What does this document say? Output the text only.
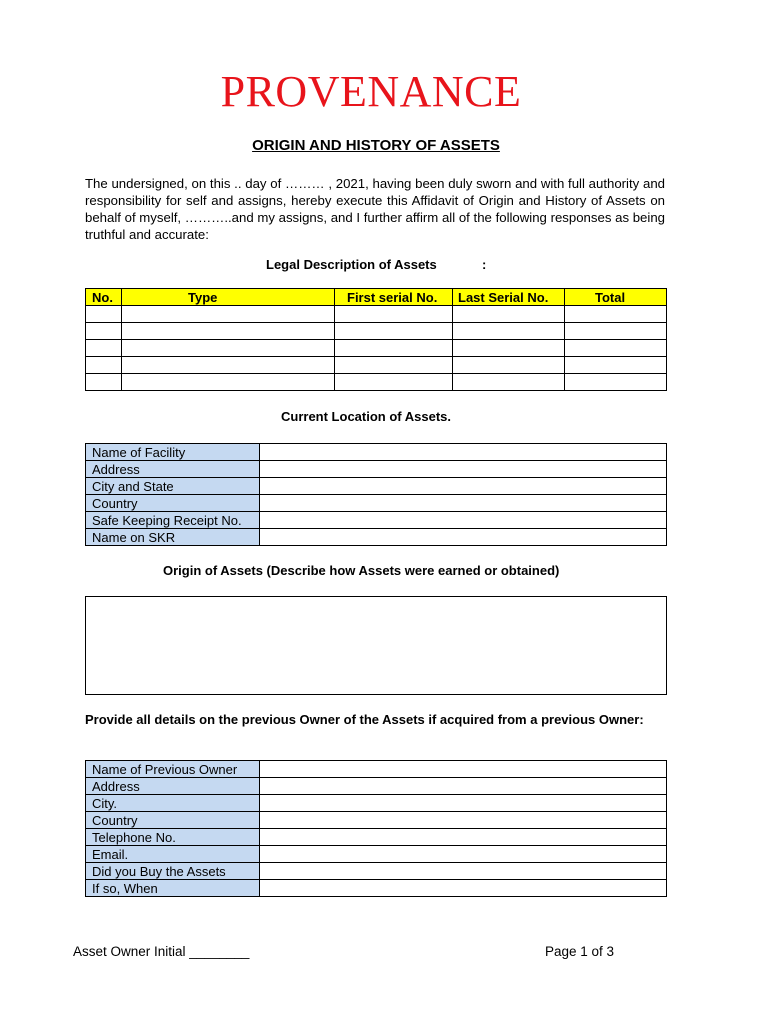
PROVENANCE
ORIGIN AND HISTORY OF ASSETS
The undersigned, on this .. day of ……… , 2021, having been duly sworn and with full authority and responsibility for self and assigns, hereby execute this Affidavit of Origin and History of Assets on behalf of myself, ………..and my assigns, and I further affirm all of the following responses as being truthful and accurate:
Legal Description of Assets	:
No.	Type	First serial No.	Last Serial No.	Total

Current Location of Assets.
Name of Facility	
Address	
City and State	
Country	
Safe Keeping Receipt No.	
Name on SKR	
Origin of Assets (Describe how Assets were earned or obtained)
Provide all details on the previous Owner of the Assets if acquired from a previous Owner:
Name of Previous Owner	
Address	
City.	
Country	
Telephone No.	
Email.	
Did you Buy the Assets	
If so, When	
Asset Owner Initial ________	Page 1 of 3
